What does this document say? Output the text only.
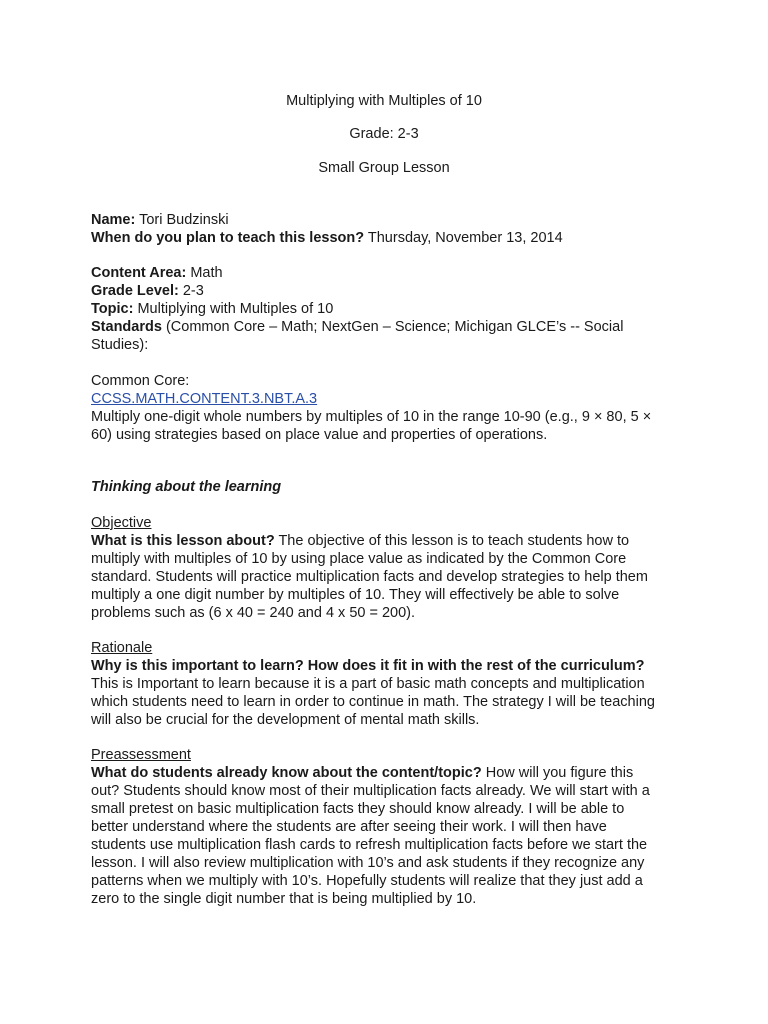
Multiplying with Multiples of 10
Grade: 2-3
Small Group Lesson
Name: Tori Budzinski
When do you plan to teach this lesson? Thursday, November 13, 2014
Content Area: Math
Grade Level: 2-3
Topic: Multiplying with Multiples of 10
Standards (Common Core – Math; NextGen – Science; Michigan GLCE’s -- Social
Studies):
Common Core:
CCSS.MATH.CONTENT.3.NBT.A.3
Multiply one-digit whole numbers by multiples of 10 in the range 10-90 (e.g., 9 × 80, 5 ×
60) using strategies based on place value and properties of operations.
Thinking about the learning
Objective
What is this lesson about? The objective of this lesson is to teach students how to
multiply with multiples of 10 by using place value as indicated by the Common Core
standard. Students will practice multiplication facts and develop strategies to help them
multiply a one digit number by multiples of 10. They will effectively be able to solve
problems such as (6 x 40 = 240 and 4 x 50 = 200).
Rationale
Why is this important to learn? How does it fit in with the rest of the curriculum?
This is Important to learn because it is a part of basic math concepts and multiplication
which students need to learn in order to continue in math. The strategy I will be teaching
will also be crucial for the development of mental math skills.
Preassessment
What do students already know about the content/topic? How will you figure this
out? Students should know most of their multiplication facts already. We will start with a
small pretest on basic multiplication facts they should know already. I will be able to
better understand where the students are after seeing their work. I will then have
students use multiplication flash cards to refresh multiplication facts before we start the
lesson. I will also review multiplication with 10’s and ask students if they recognize any
patterns when we multiply with 10’s. Hopefully students will realize that they just add a
zero to the single digit number that is being multiplied by 10.
